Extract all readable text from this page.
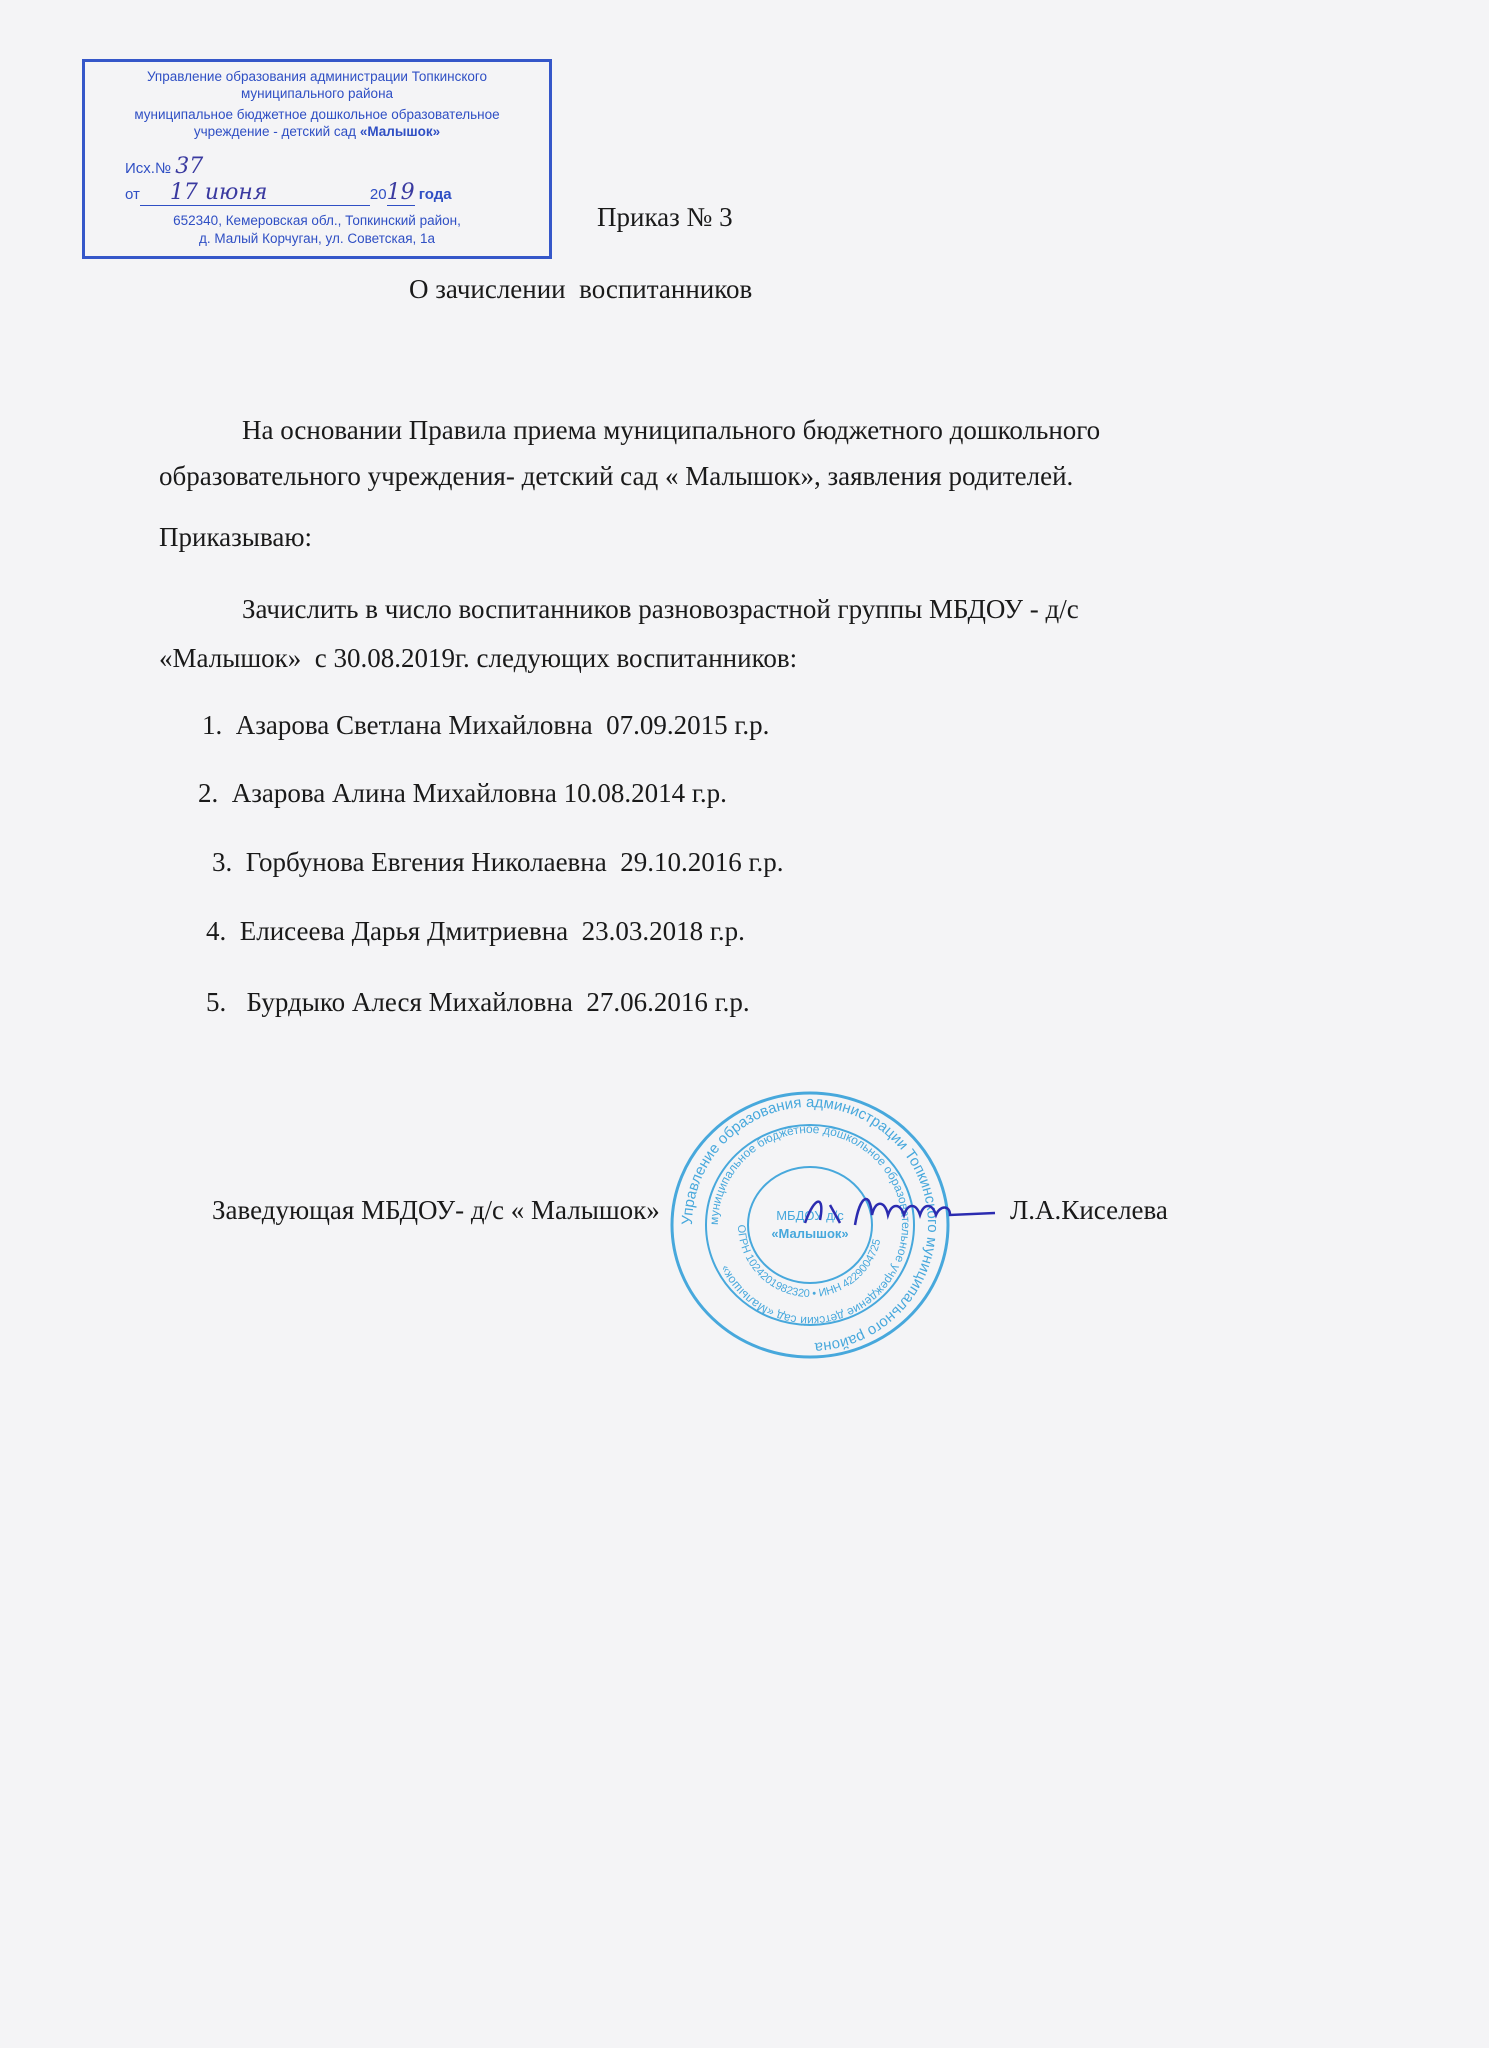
Управление образования администрации Топкинского
муниципального района
муниципальное бюджетное дошкольное образовательное
учреждение - детский сад «Малышок»
Исх.№ 37
от 17 июня	2019 года
652340, Кемеровская обл., Топкинский район,
д. Малый Корчуган, ул. Советская, 1а
Приказ № 3
О зачислении  воспитанников
На основании Правила приема муниципального бюджетного дошкольного
образовательного учреждения- детский сад « Малышок», заявления родителей.
Приказываю:
Зачислить в число воспитанников разновозрастной группы МБДОУ - д/с
«Малышок»  с 30.08.2019г. следующих воспитанников:
1.  Азарова Светлана Михайловна  07.09.2015 г.р.
2.  Азарова Алина Михайловна 10.08.2014 г.р.
3.  Горбунова Евгения Николаевна  29.10.2016 г.р.
4.  Елисеева Дарья Дмитриевна  23.03.2018 г.р.
5.   Бурдыко Алеся Михайловна  27.06.2016 г.р.
Заведующая МБДОУ- д/с « Малышок»	Л.А.Киселева
Управление образования администрации Топкинского муниципального района
муниципальное бюджетное дошкольное образовательное учреждение детский сад «Малышок»
ОГРН 1024201982320 • ИНН 4229004725
МБДОУ д/с
«Малышок»
